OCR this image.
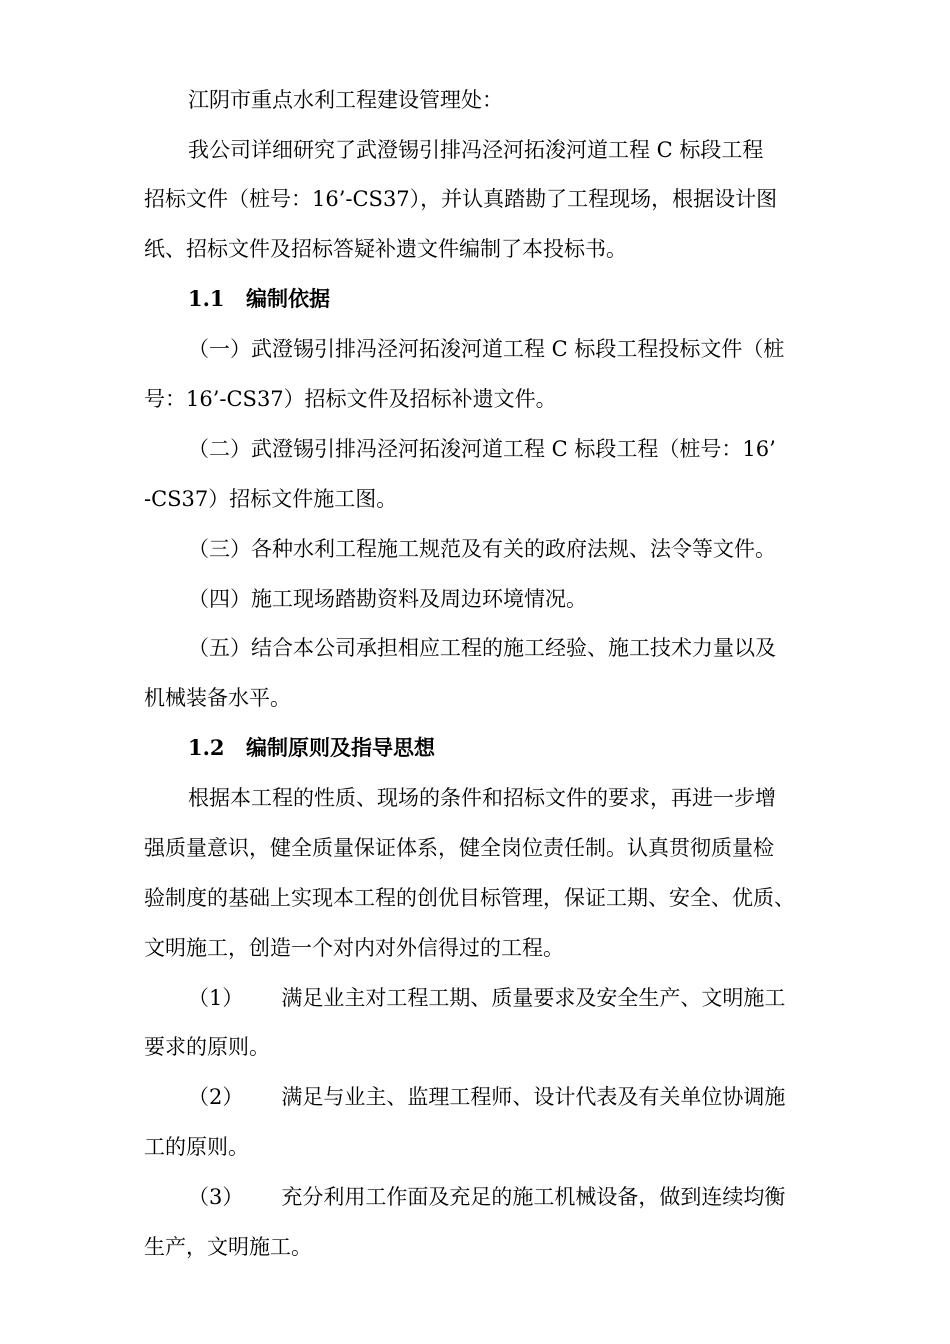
江阴市重点水利工程建设管理处：
我公司详细研究了武澄锡引排冯泾河拓浚河道工程 C 标段工程
招标文件（桩号：16’-CS37），并认真踏勘了工程现场，根据设计图
纸、招标文件及招标答疑补遗文件编制了本投标书。
1.1 编制依据
（一）武澄锡引排冯泾河拓浚河道工程 C 标段工程投标文件（桩
号：16’-CS37）招标文件及招标补遗文件。
（二）武澄锡引排冯泾河拓浚河道工程 C 标段工程（桩号：16’
-CS37）招标文件施工图。
（三）各种水利工程施工规范及有关的政府法规、法令等文件。
（四）施工现场踏勘资料及周边环境情况。
（五）结合本公司承担相应工程的施工经验、施工技术力量以及
机械装备水平。
1.2 编制原则及指导思想
根据本工程的性质、现场的条件和招标文件的要求，再进一步增
强质量意识，健全质量保证体系，健全岗位责任制。认真贯彻质量检
验制度的基础上实现本工程的创优目标管理，保证工期、安全、优质、
文明施工，创造一个对内对外信得过的工程。
（1） 满足业主对工程工期、质量要求及安全生产、文明施工
要求的原则。
（2） 满足与业主、监理工程师、设计代表及有关单位协调施
工的原则。
（3） 充分利用工作面及充足的施工机械设备，做到连续均衡
生产，文明施工。
